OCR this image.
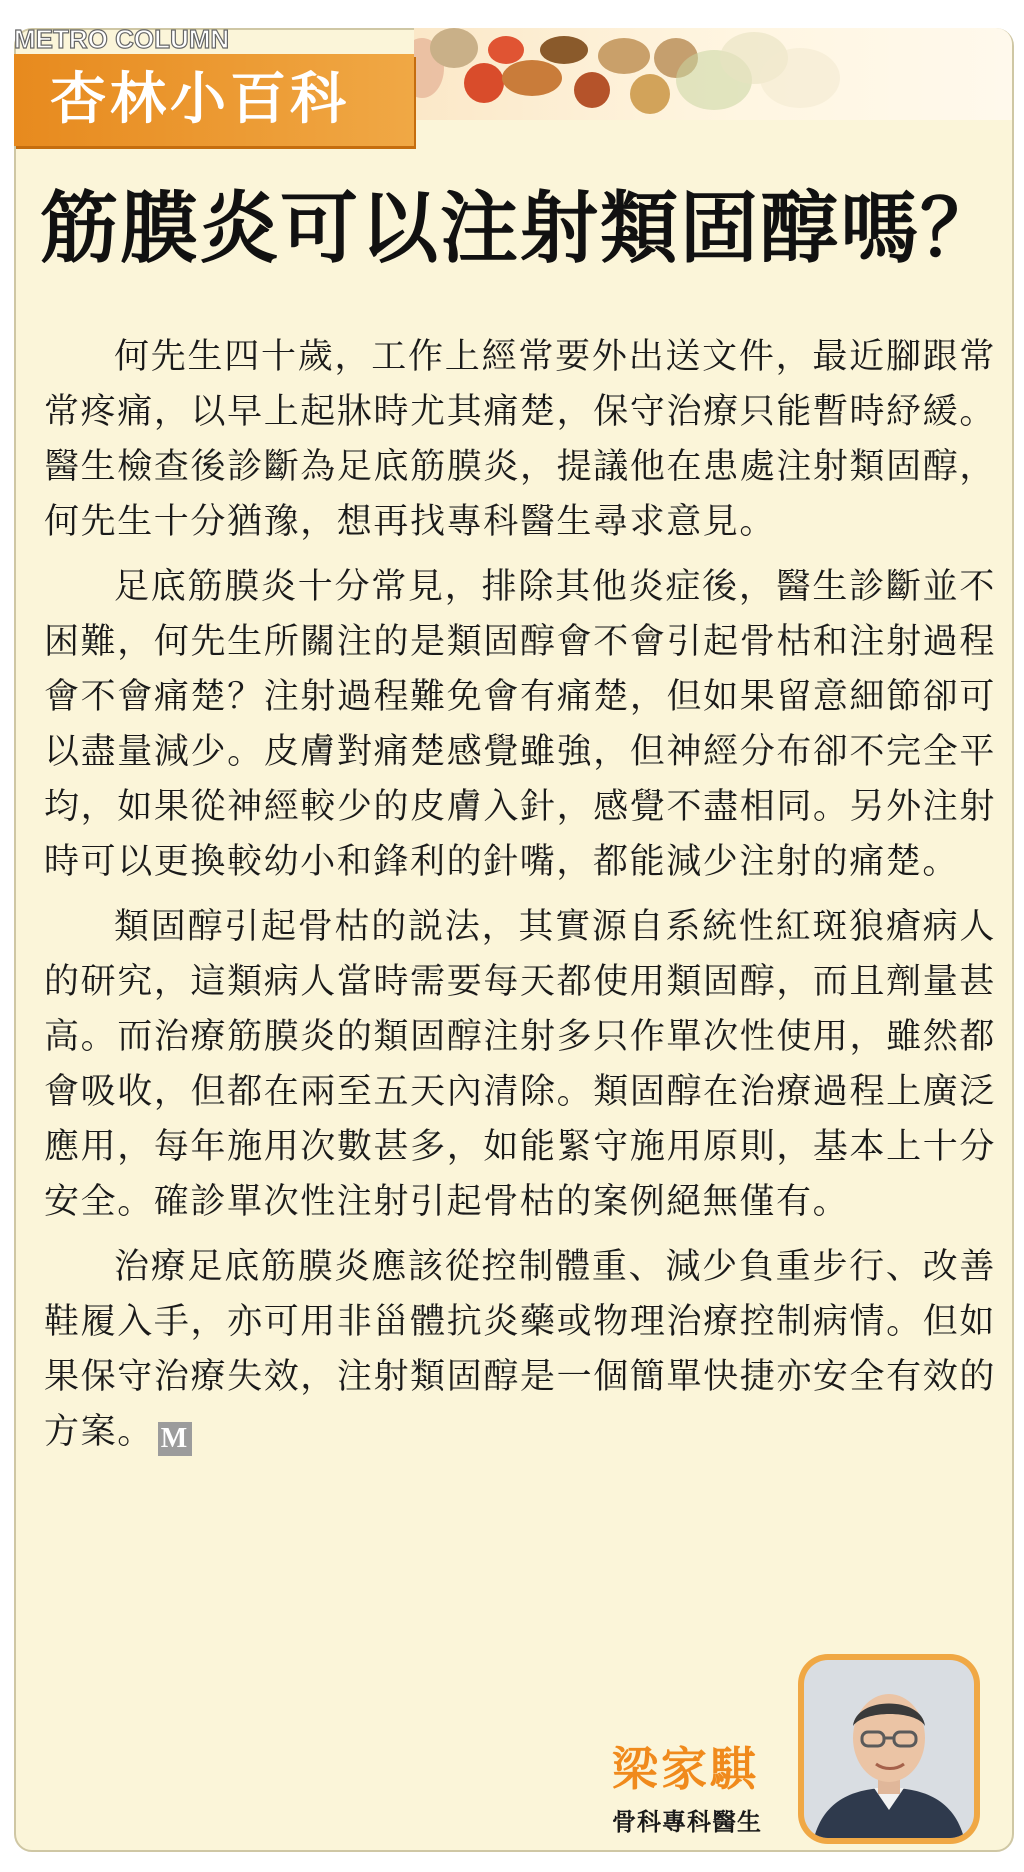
杏林小百科
METRO COLUMN
筋膜炎可以注射類固醇嗎？

何先生四十歲，工作上經常要外出送文件，最近腳跟常常疼痛，以早上起牀時尤其痛楚，保守治療只能暫時紓緩。醫生檢查後診斷為足底筋膜炎，提議他在患處注射類固醇，何先生十分猶豫，想再找專科醫生尋求意見。

足底筋膜炎十分常見，排除其他炎症後，醫生診斷並不困難，何先生所關注的是類固醇會不會引起骨枯和注射過程會不會痛楚？注射過程難免會有痛楚，但如果留意細節卻可以盡量減少。皮膚對痛楚感覺雖強，但神經分布卻不完全平均，如果從神經較少的皮膚入針，感覺不盡相同。另外注射時可以更換較幼小和鋒利的針嘴，都能減少注射的痛楚。

類固醇引起骨枯的説法，其實源自系統性紅斑狼瘡病人的研究，這類病人當時需要每天都使用類固醇，而且劑量甚高。而治療筋膜炎的類固醇注射多只作單次性使用，雖然都會吸收，但都在兩至五天內清除。類固醇在治療過程上廣泛應用，每年施用次數甚多，如能緊守施用原則，基本上十分安全。確診單次性注射引起骨枯的案例絕無僅有。

治療足底筋膜炎應該從控制體重、減少負重步行、改善鞋履入手，亦可用非甾體抗炎藥或物理治療控制病情。但如果保守治療失效，注射類固醇是一個簡單快捷亦安全有效的方案。 M

梁家騏
骨科專科醫生
